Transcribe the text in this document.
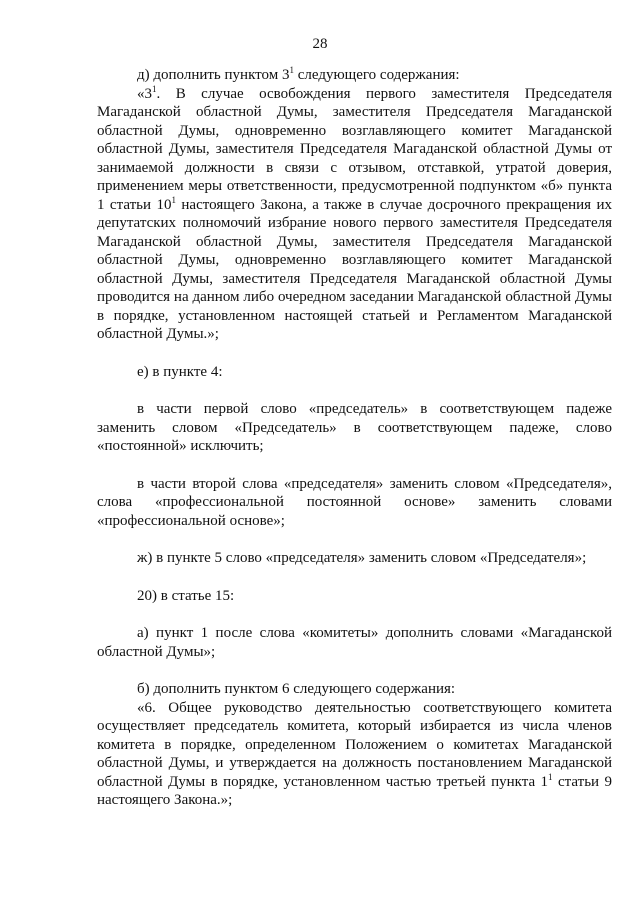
28

д) дополнить пунктом $3^1$ следующего содержания:

«$3^1$. В случае освобождения первого заместителя Председателя Магаданской областной Думы, заместителя Председателя Магаданской областной Думы, одновременно возглавляющего комитет Магаданской областной Думы, заместителя Председателя Магаданской областной Думы от занимаемой должности в связи с отзывом, отставкой, утратой доверия, применением меры ответственности, предусмотренной подпунктом «б» пункта 1 статьи $10^1$ настоящего Закона, а также в случае досрочного прекращения их депутатских полномочий избрание нового первого заместителя Председателя Магаданской областной Думы, заместителя Председателя Магаданской областной Думы, одновременно возглавляющего комитет Магаданской областной Думы, заместителя Председателя Магаданской областной Думы проводится на данном либо очередном заседании Магаданской областной Думы в порядке, установленном настоящей статьей и Регламентом Магаданской областной Думы.»;

е) в пункте 4:

в части первой слово «председатель» в соответствующем падеже заменить словом «Председатель» в соответствующем падеже, слово «постоянной» исключить;

в части второй слова «председателя» заменить словом «Председателя», слова «профессиональной постоянной основе» заменить словами «профессиональной основе»;

ж) в пункте 5 слово «председателя» заменить словом «Председателя»;

20) в статье 15:

а) пункт 1 после слова «комитеты» дополнить словами «Магаданской областной Думы»;

б) дополнить пунктом 6 следующего содержания:

«6. Общее руководство деятельностью соответствующего комитета осуществляет председатель комитета, который избирается из числа членов комитета в порядке, определенном Положением о комитетах Магаданской областной Думы, и утверждается на должность постановлением Магаданской областной Думы в порядке, установленном частью третьей пункта $1^1$ статьи 9 настоящего Закона.»;
